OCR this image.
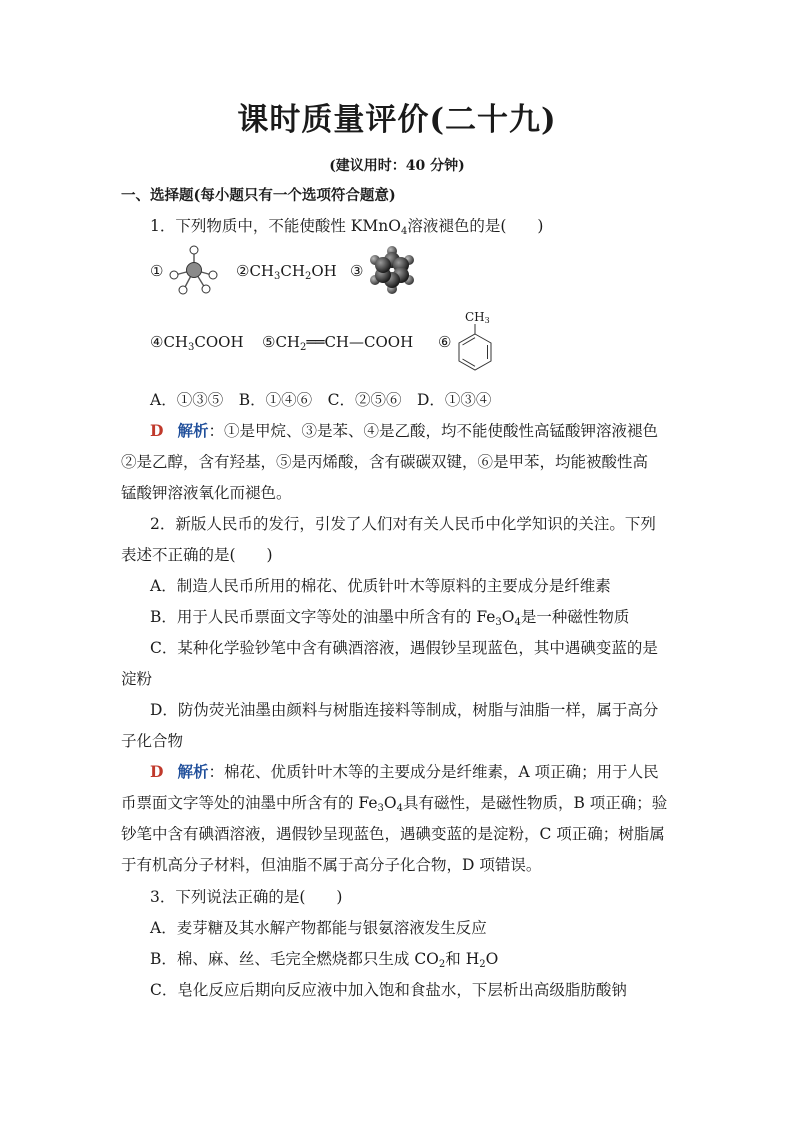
课时质量评价(二十九)
(建议用时：40 分钟)
一、选择题(每小题只有一个选项符合题意)
1．下列物质中，不能使酸性 KMnO$_4$溶液褪色的是(　　)
①	$②CH_3CH_2OH$ ③
$④CH_3COOH$ $⑤CH_2══CH—COOH$ ⑥
CH3
A．①③⑤　B．①④⑥　C．②⑤⑥　D．①③④
D 解析：①是甲烷、③是苯、④是乙酸，均不能使酸性高锰酸钾溶液褪色
②是乙醇，含有羟基，⑤是丙烯酸，含有碳碳双键，⑥是甲苯，均能被酸性高
锰酸钾溶液氧化而褪色。
2．新版人民币的发行，引发了人们对有关人民币中化学知识的关注。下列
表述不正确的是(　　)
A．制造人民币所用的棉花、优质针叶木等原料的主要成分是纤维素
B．用于人民币票面文字等处的油墨中所含有的 $Fe_3O_4$是一种磁性物质
C．某种化学验钞笔中含有碘酒溶液，遇假钞呈现蓝色，其中遇碘变蓝的是
淀粉
D．防伪荧光油墨由颜料与树脂连接料等制成，树脂与油脂一样，属于高分
子化合物
D 解析：棉花、优质针叶木等的主要成分是纤维素，A 项正确；用于人民
币票面文字等处的油墨中所含有的 $Fe_3O_4$具有磁性，是磁性物质，B 项正确；验
钞笔中含有碘酒溶液，遇假钞呈现蓝色，遇碘变蓝的是淀粉，C 项正确；树脂属
于有机高分子材料，但油脂不属于高分子化合物，D 项错误。
3．下列说法正确的是(　　)
A．麦芽糖及其水解产物都能与银氨溶液发生反应
B．棉、麻、丝、毛完全燃烧都只生成 $CO_2$和 $H_2O$
C．皂化反应后期向反应液中加入饱和食盐水，下层析出高级脂肪酸钠
